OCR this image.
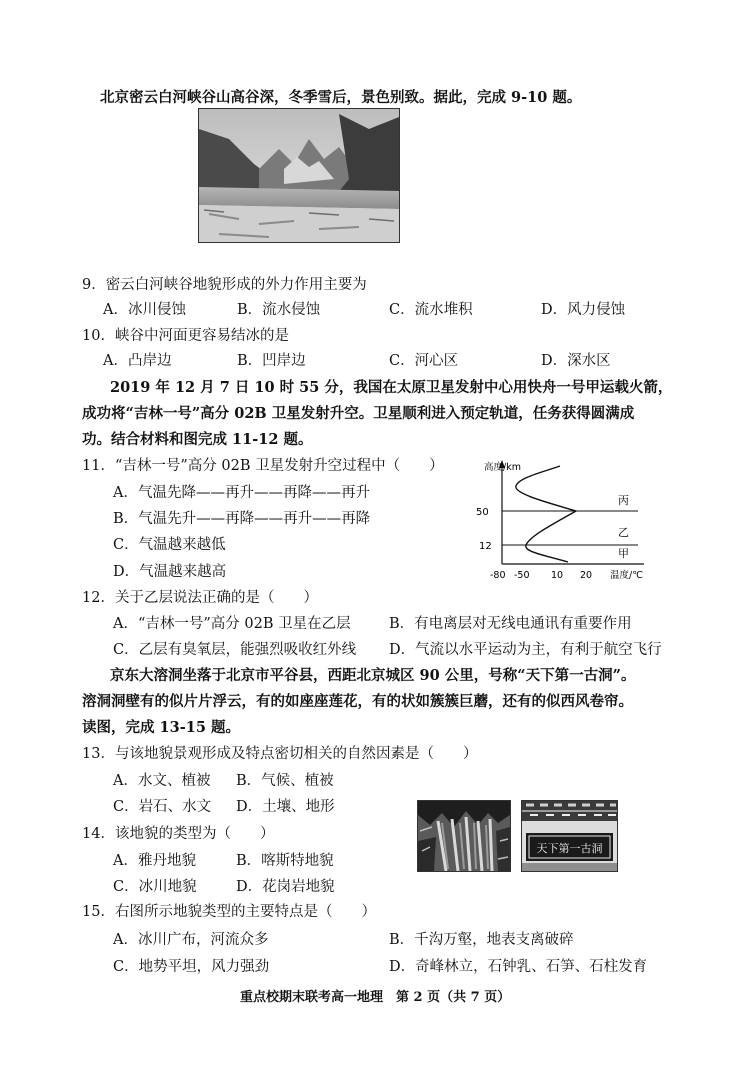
北京密云白河峡谷山高谷深，冬季雪后，景色别致。据此，完成 9-10 题。
9．密云白河峡谷地貌形成的外力作用主要为
A．冰川侵蚀	B．流水侵蚀	C．流水堆积	D．风力侵蚀
10．峡谷中河面更容易结冰的是
A．凸岸边	B．凹岸边	C．河心区	D．深水区
2019 年 12 月 7 日 10 时 55 分，我国在太原卫星发射中心用快舟一号甲运载火箭，
成功将“吉林一号”高分 02B 卫星发射升空。卫星顺利进入预定轨道，任务获得圆满成
功。结合材料和图完成 11-12 题。
11．“吉林一号”高分 02B 卫星发射升空过程中（　　）
A．气温先降——再升——再降——再升
B．气温先升——再降——再升——再降
C．气温越来越低
D．气温越来越高
高度/km
50
12
-80 -50 10 20 温度/℃
丙
乙
甲
12．关于乙层说法正确的是（　　）
A．“吉林一号”高分 02B 卫星在乙层	B．有电离层对无线电通讯有重要作用
C．乙层有臭氧层，能强烈吸收红外线 D．气流以水平运动为主，有利于航空飞行
京东大溶洞坐落于北京市平谷县，西距北京城区 90 公里，号称“天下第一古洞”。
溶洞洞壁有的似片片浮云，有的如座座莲花，有的状如簇簇巨蘑，还有的似西风卷帘。
读图，完成 13-15 题。
13．与该地貌景观形成及特点密切相关的自然因素是（　　）
A．水文、植被 B．气候、植被
C．岩石、水文 D．土壤、地形
天下第一古洞
14．该地貌的类型为（　　）
A．雅丹地貌	B．喀斯特地貌
C．冰川地貌	D．花岗岩地貌
15．右图所示地貌类型的主要特点是（　　）
A．冰川广布，河流众多	B．千沟万壑，地表支离破碎
C．地势平坦，风力强劲	D．奇峰林立，石钟乳、石笋、石柱发育
重点校期末联考高一地理　第 2 页（共 7 页）
